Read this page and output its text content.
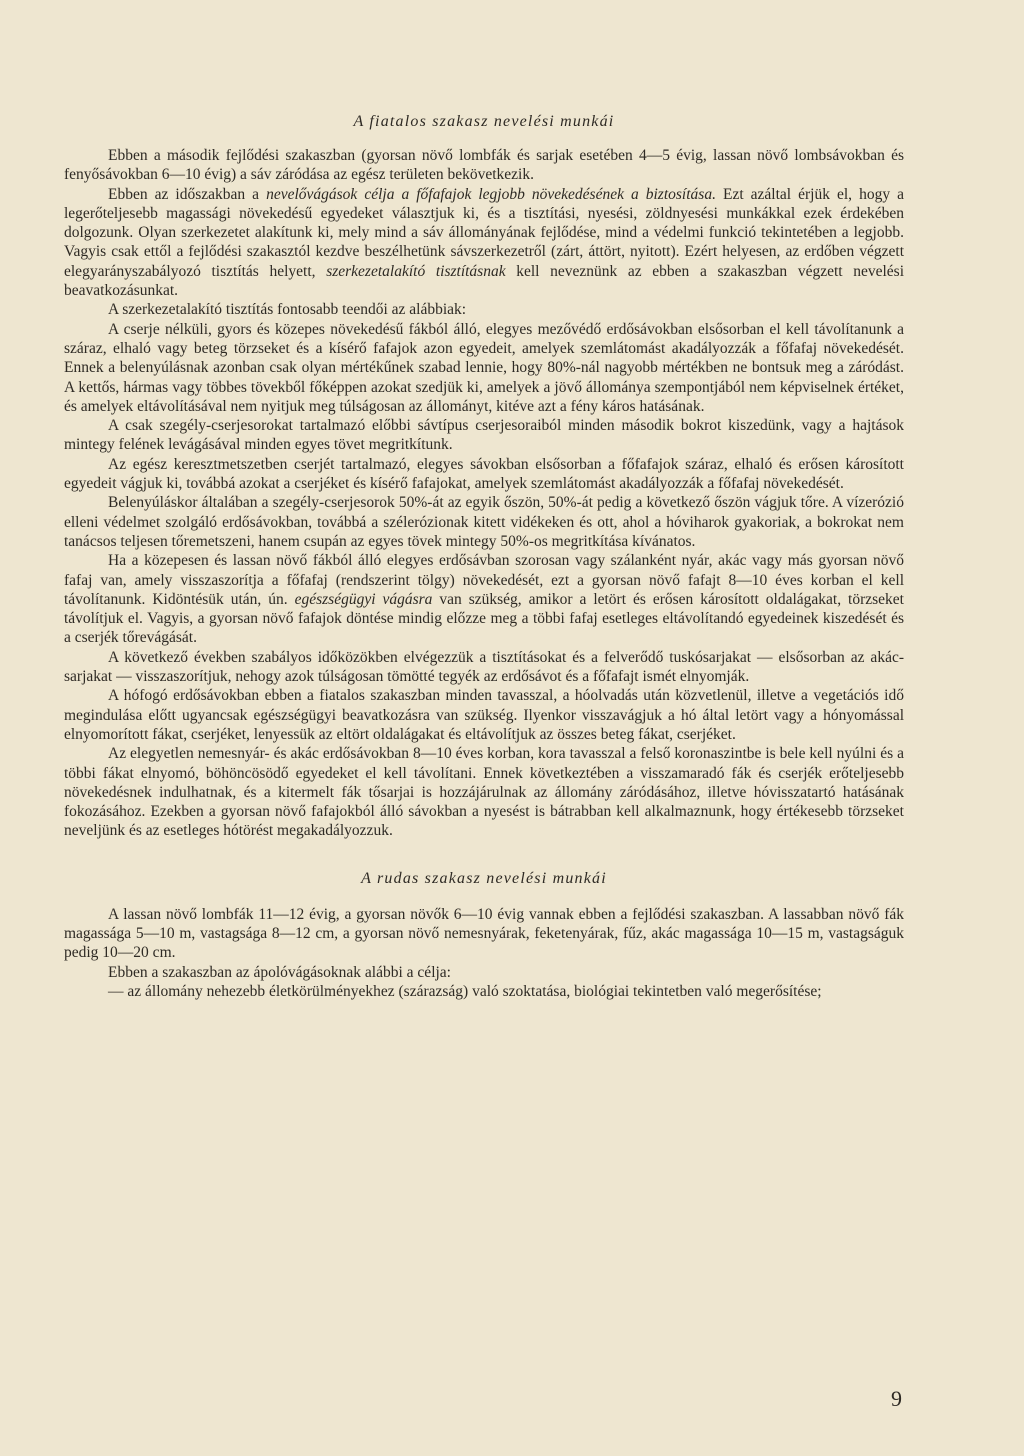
A fiatalos szakasz nevelési munkái

Ebben a második fejlődési szakaszban (gyorsan növő lombfák és sarjak esetében 4—5 évig, lassan növő lombsávokban és fenyősávokban 6—10 évig) a sáv záródása az egész területen bekövetkezik.

Ebben az időszakban a nevelővágások célja a főfafajok legjobb növekedésének a biztosítása. Ezt azáltal érjük el, hogy a legerőteljesebb magassági növekedésű egyedeket választjuk ki, és a tisztítási, nyesési, zöldnyesési munkákkal ezek érdekében dolgozunk. Olyan szerkezetet alakítunk ki, mely mind a sáv állományának fejlődése, mind a védelmi funkció tekintetében a legjobb. Vagyis csak ettől a fejlődési szakasztól kezdve beszélhetünk sávszerkezetről (zárt, áttört, nyitott). Ezért helyesen, az erdőben végzett elegyarányszabályozó tisztítás helyett, szerkezetalakító tisztításnak kell neveznünk az ebben a szakaszban végzett nevelési beavatkozásunkat.

A szerkezetalakító tisztítás fontosabb teendői az alábbiak:

A cserje nélküli, gyors és közepes növekedésű fákból álló, elegyes mezővédő erdősávokban elsősorban el kell távolítanunk a száraz, elhaló vagy beteg törzseket és a kísérő fafajok azon egyedeit, amelyek szemlátomást akadályozzák a főfafaj növekedését. Ennek a belenyúlásnak azonban csak olyan mértékűnek szabad lennie, hogy 80%-nál nagyobb mértékben ne bontsuk meg a záródást. A kettős, hármas vagy többes tövekből főképpen azokat szedjük ki, amelyek a jövő állománya szempontjából nem képviselnek értéket, és amelyek eltávolításával nem nyitjuk meg túlságosan az állományt, kitéve azt a fény káros hatásának.

A csak szegély-cserjesorokat tartalmazó előbbi sávtípus cserjesoraiból minden második bokrot kiszedünk, vagy a hajtások mintegy felének levágásával minden egyes tövet megritkítunk.

Az egész keresztmetszetben cserjét tartalmazó, elegyes sávokban elsősorban a főfafajok száraz, elhaló és erősen károsított egyedeit vágjuk ki, továbbá azokat a cserjéket és kísérő fafajokat, amelyek szemlátomást akadályozzák a főfafaj növekedését.

Belenyúláskor általában a szegély-cserjesorok 50%-át az egyik őszön, 50%-át pedig a következő őszön vágjuk tőre. A vízerózió elleni védelmet szolgáló erdősávokban, továbbá a szélerózionak kitett vidékeken és ott, ahol a hóviharok gyakoriak, a bokrokat nem tanácsos teljesen tőremetszeni, hanem csupán az egyes tövek mintegy 50%-os megritkítása kívánatos.

Ha a közepesen és lassan növő fákból álló elegyes erdősávban szorosan vagy szálanként nyár, akác vagy más gyorsan növő fafaj van, amely visszaszorítja a főfafaj (rendszerint tölgy) növekedését, ezt a gyorsan növő fafajt 8—10 éves korban el kell távolítanunk. Kidöntésük után, ún. egészségügyi vágásra van szükség, amikor a letört és erősen károsított oldalágakat, törzseket távolítjuk el. Vagyis, a gyorsan növő fafajok döntése mindig előzze meg a többi fafaj esetleges eltávolítandó egyedeinek kiszedését és a cserjék tőrevágását.

A következő években szabályos időközökben elvégezzük a tisztításokat és a felverődő tuskósarjakat — elsősorban az akác-sarjakat — visszaszorítjuk, nehogy azok túlságosan tömötté tegyék az erdősávot és a főfafajt ismét elnyomják.

A hófogó erdősávokban ebben a fiatalos szakaszban minden tavasszal, a hóolvadás után közvetlenül, illetve a vegetációs idő megindulása előtt ugyancsak egészségügyi beavatkozásra van szükség. Ilyenkor visszavágjuk a hó által letört vagy a hónyomással elnyomorított fákat, cserjéket, lenyessük az eltört oldalágakat és eltávolítjuk az összes beteg fákat, cserjéket.

Az elegyetlen nemesnyár- és akác erdősávokban 8—10 éves korban, kora tavasszal a felső koronaszintbe is bele kell nyúlni és a többi fákat elnyomó, böhöncösödő egyedeket el kell távolítani. Ennek következtében a visszamaradó fák és cserjék erőteljesebb növekedésnek indulhatnak, és a kitermelt fák tősarjai is hozzájárulnak az állomány záródásához, illetve hóvisszatartó hatásának fokozásához. Ezekben a gyorsan növő fafajokból álló sávokban a nyesést is bátrabban kell alkalmaznunk, hogy értékesebb törzseket neveljünk és az esetleges hótörést megakadályozzuk.

A rudas szakasz nevelési munkái

A lassan növő lombfák 11—12 évig, a gyorsan növők 6—10 évig vannak ebben a fejlődési szakaszban. A lassabban növő fák magassága 5—10 m, vastagsága 8—12 cm, a gyorsan növő nemesnyárak, feketenyárak, fűz, akác magassága 10—15 m, vastagságuk pedig 10—20 cm.

Ebben a szakaszban az ápolóvágásoknak alábbi a célja:

— az állomány nehezebb életkörülményekhez (szárazság) való szoktatása, biológiai tekintetben való megerősítése;

9
